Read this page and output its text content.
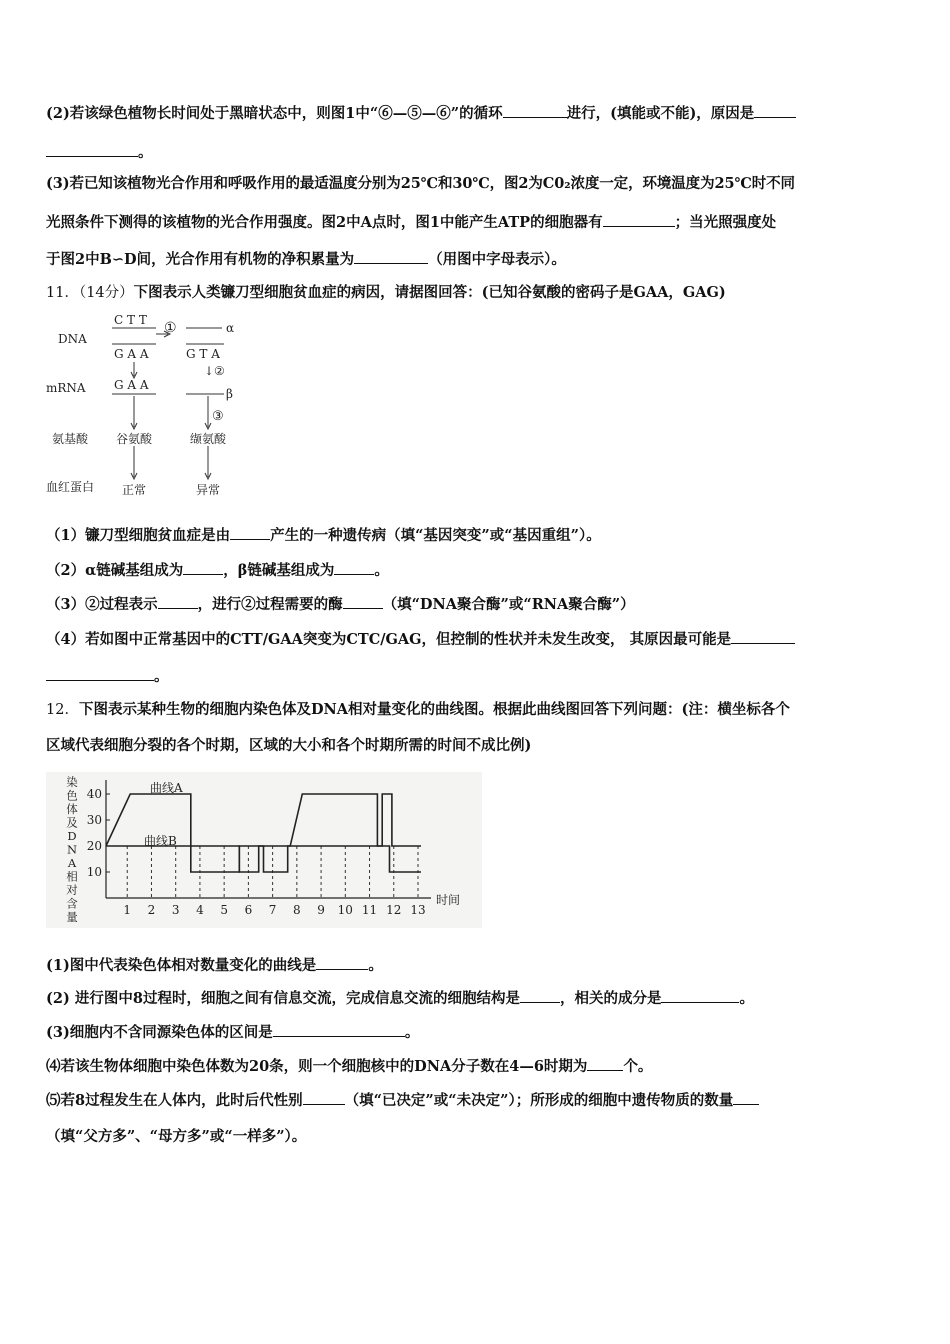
(2)若该绿色植物长时间处于黑暗状态中，则图1中“⑥—⑤—⑥”的循环	进行，(填能或不能)，原因是
。
(3)若已知该植物光合作用和呼吸作用的最适温度分别为25℃和30℃，图2为C0₂浓度一定，环境温度为25℃时不同
光照条件下测得的该植物的光合作用强度。图2中A点时，图1中能产生ATP的细胞器有	；当光照强度处
于图2中B∽D间，光合作用有机物的净积累量为	（用图中字母表示）。
11．（14分）下图表示人类镰刀型细胞贫血症的病因，请据图回答：(已知谷氨酸的密码子是GAA，GAG)
DNA
mRNA
氨基酸
血红蛋白
C T T ①	α
G A A	G T A
↓②
G A A
β
③
谷氨酸	缬氨酸
正常	异常
（1）镰刀型细胞贫血症是由	产生的一种遗传病（填“基因突变”或“基因重组”）。
（2）α链碱基组成为	，β链碱基组成为	。
（3）②过程表示	，进行②过程需要的酶	（填“DNA聚合酶”或“RNA聚合酶”）
（4）若如图中正常基因中的CTT/GAA突变为CTC/GAG，但控制的性状并未发生改变， 其原因最可能是
。
12．下图表示某种生物的细胞内染色体及DNA相对量变化的曲线图。根据此曲线图回答下列问题：(注：横坐标各个
区域代表细胞分裂的各个时期，区域的大小和各个时期所需的时间不成比例)
染
色
体
及
D
N
A
相
对
含
量
10
20
30
40
1 2 3 4 5 6 7 8 9 10 11 12 13
时间
曲线A
曲线B
(1)图中代表染色体相对数量变化的曲线是	。
(2) 进行图中8过程时，细胞之间有信息交流，完成信息交流的细胞结构是	，相关的成分是	。
(3)细胞内不含同源染色体的区间是	。
⑷若该生物体细胞中染色体数为20条，则一个细胞核中的DNA分子数在4—6时期为 个。
⑸若8过程发生在人体内，此时后代性别	（填“已决定”或“未决定”）；所形成的细胞中遗传物质的数量
（填“父方多”、“母方多”或“一样多”）。
